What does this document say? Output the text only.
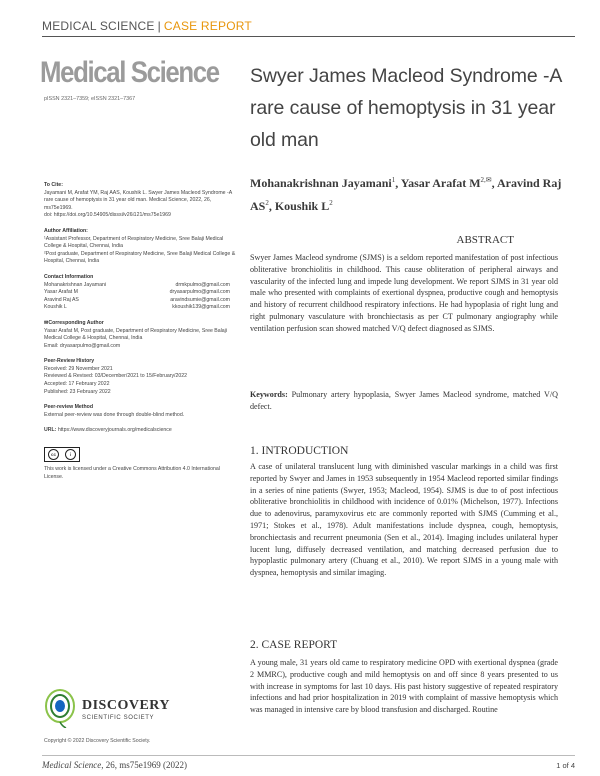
MEDICAL SCIENCE | CASE REPORT
Medical Science
pISSN 2321–7359; eISSN 2321–7367
To Cite:
Jayamani M, Arafat YM, Raj AAS, Koushik L. Swyer James Macleod Syndrome -A rare cause of hemoptysis in 31 year old man. Medical Science, 2022, 26, ms75e1969.
doi: https://doi.org/10.54905/disssi/v26i121/ms75e1969
Author Affiliation:
¹Assistant Professor, Department of Respiratory Medicine, Sree Balaji Medical College & Hospital, Chennai, India
²Post graduate, Department of Respiratory Medicine, Sree Balaji Medical College & Hospital, Chennai, India
Contact Information
Mohanakrishnan Jayamani	drmkpulmo@gmail.com
Yasar Arafat M	dryasarpulmo@gmail.com
Aravind Raj AS	aravindsumie@gmail.com
Koushik L	kkoushik139@gmail.com
✉Corresponding Author
Yasar Arafat M, Post graduate, Department of Respiratory Medicine, Sree Balaji Medical College & Hospital, Chennai, India
Email: dryasarpulmo@gmail.com
Peer-Review History
Received: 29 November 2021
Reviewed & Revised: 03/December/2021 to 15/February/2022
Accepted: 17 February 2022
Published: 23 February 2022
Peer-review Method
External peer-review was done through double-blind method.
URL: https://www.discoveryjournals.org/medicalscience
cc	i
This work is licensed under a Creative Commons Attribution 4.0 International License.
DISCOVERY
SCIENTIFIC SOCIETY
Copyright © 2022 Discovery Scientific Society.
Swyer James Macleod Syndrome -A rare cause of hemoptysis in 31 year old man
Mohanakrishnan Jayamani$^1$, Yasar Arafat $M^{2,✉}$, Aravind Raj $AS^2$, Koushik $L^2$
ABSTRACT

Swyer James Macleod syndrome (SJMS) is a seldom reported manifestation of post infectious obliterative bronchiolitis in childhood. This cause obliteration of peripheral airways and vascularity of the infected lung and impede lung development. We report SJMS in 31 year old male who presented with complaints of exertional dyspnea, productive cough and hemoptysis and history of recurrent childhood respiratory infections. He had hypoplasia of right lung and right pulmonary vasculature with bronchiectasis as per CT pulmonary angiography while ventilation perfusion scan showed matched V/Q defect diagnosed as SJMS.

Keywords: Pulmonary artery hypoplasia, Swyer James Macleod syndrome, matched V/Q defect.
1. INTRODUCTION

A case of unilateral translucent lung with diminished vascular markings in a child was first reported by Swyer and James in 1953 subsequently in 1954 Macleod reported similar findings in a series of nine patients (Swyer, 1953; Macleod, 1954). SJMS is due to of post infectious obliterative bronchiolitis in childhood with incidence of 0.01% (Michelson, 1977). Infections due to adenovirus, paramyxovirus etc are commonly reported with SJMS (Cumming et al., 1971; Stokes et al., 1978). Adult manifestations include dyspnea, cough, hemoptysis, bronchiectasis and recurrent pneumonia (Sen et al., 2014). Imaging includes unilateral hyper lucent lung, diffusely decreased ventilation, and matching decreased perfusion due to hypoplastic pulmonary artery (Chuang et al., 2010). We report SJMS in a young male with dyspnea, hemoptysis and similar imaging.

2. CASE REPORT

A young male, 31 years old came to respiratory medicine OPD with exertional dyspnea (grade 2 MMRC), productive cough and mild hemoptysis on and off since 8 years presented to us with increase in symptoms for last 10 days. His past history suggestive of repeated respiratory infections and had prior hospitalization in 2019 with complaint of massive hemoptysis which was managed in intensive care by blood transfusion and discharged. Routine

Medical Science, 26, ms75e1969 (2022)	1 of 4
